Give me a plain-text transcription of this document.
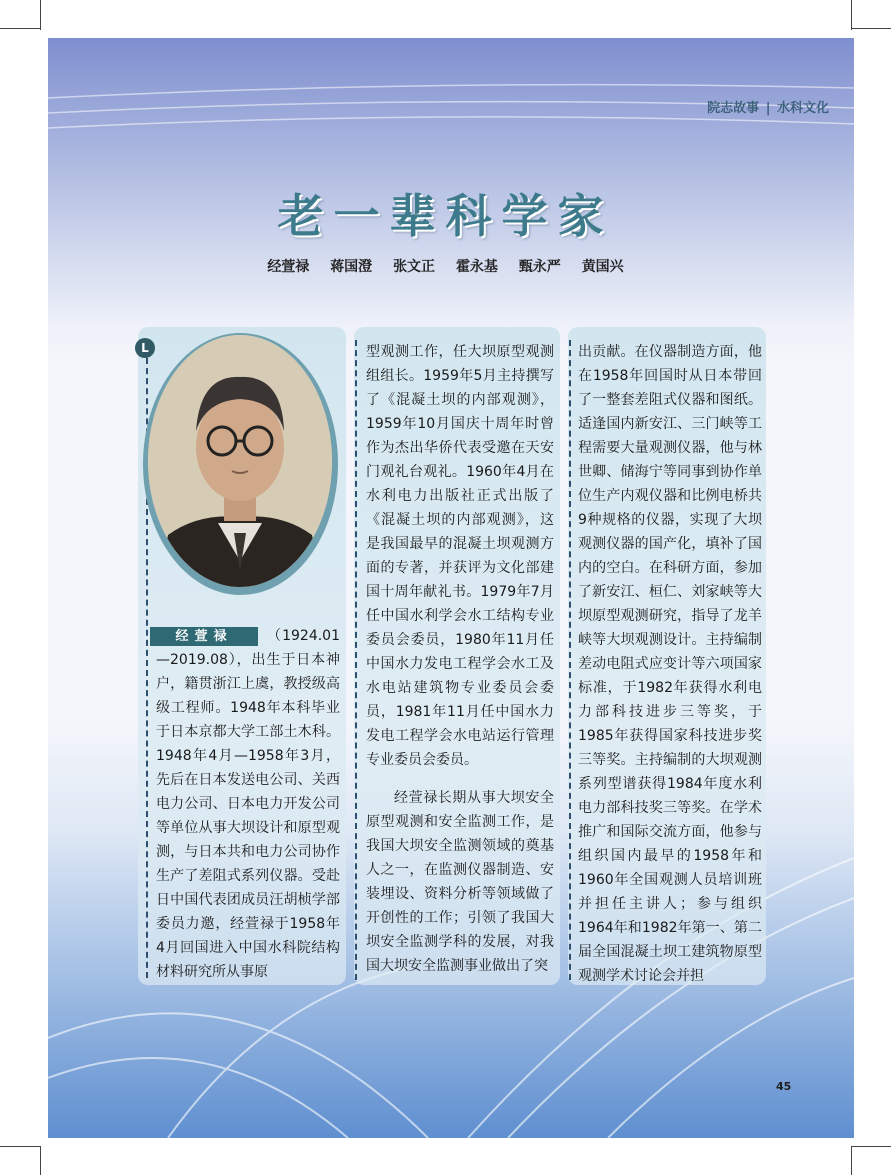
院志故事 | 水科文化
老一辈科学家
经萱禄 蒋国澄 张文正 霍永基 甄永严 黄国兴
L
经萱禄	（1924.01—2019.08），出生于日本神户，籍贯浙江上虞，教授级高级工程师。1948年本科毕业于日本京都大学工部土木科。1948年4月—1958年3月，先后在日本发送电公司、关西电力公司、日本电力开发公司等单位从事大坝设计和原型观测，与日本共和电力公司协作生产了差阻式系列仪器。受赴日中国代表团成员汪胡桢学部委员力邀，经萱禄于1958年4月回国进入中国水科院结构材料研究所从事原
型观测工作，任大坝原型观测组组长。1959年5月主持撰写了《混凝土坝的内部观测》，1959年10月国庆十周年时曾作为杰出华侨代表受邀在天安门观礼台观礼。1960年4月在水利电力出版社正式出版了《混凝土坝的内部观测》，这是我国最早的混凝土坝观测方面的专著，并获评为文化部建国十周年献礼书。1979年7月任中国水利学会水工结构专业委员会委员，1980年11月任中国水力发电工程学会水工及水电站建筑物专业委员会委员，1981年11月任中国水力发电工程学会水电站运行管理专业委员会委员。
经萱禄长期从事大坝安全原型观测和安全监测工作，是我国大坝安全监测领域的奠基人之一，在监测仪器制造、安装埋设、资料分析等领域做了开创性的工作；引领了我国大坝安全监测学科的发展，对我国大坝安全监测事业做出了突
出贡献。在仪器制造方面，他在1958年回国时从日本带回了一整套差阻式仪器和图纸。适逢国内新安江、三门峡等工程需要大量观测仪器，他与林世卿、储海宁等同事到协作单位生产内观仪器和比例电桥共9种规格的仪器，实现了大坝观测仪器的国产化，填补了国内的空白。在科研方面，参加了新安江、桓仁、刘家峡等大坝原型观测研究，指导了龙羊峡等大坝观测设计。主持编制差动电阻式应变计等六项国家标准，于1982年获得水利电力部科技进步三等奖，于1985年获得国家科技进步奖三等奖。主持编制的大坝观测系列型谱获得1984年度水利电力部科技奖三等奖。在学术推广和国际交流方面，他参与组织国内最早的1958年和1960年全国观测人员培训班并担任主讲人；参与组织1964年和1982年第一、第二届全国混凝土坝工建筑物原型观测学术讨论会并担
45
